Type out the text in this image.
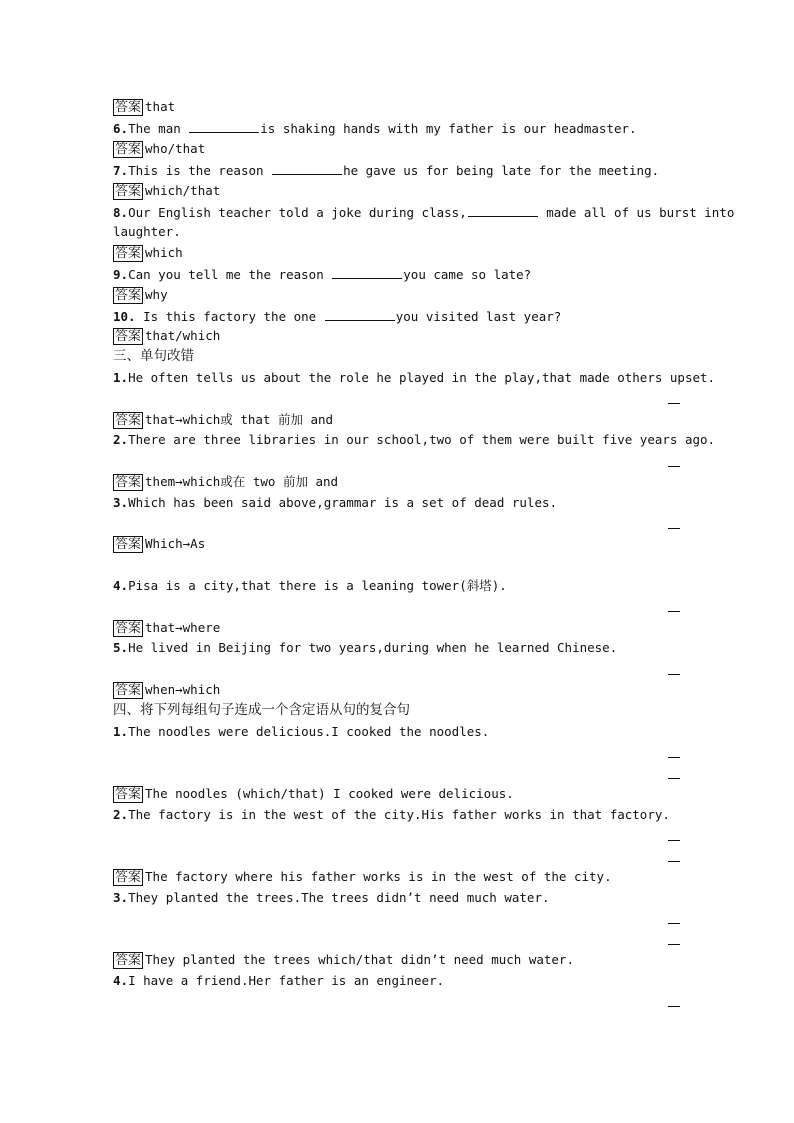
答案 that
6.The man	is shaking hands with my father is our headmaster.
答案 who/that
7.This is the reason	he gave us for being late for the meeting.
答案 which/that
8.Our English teacher told a joke during class,	made all of us burst into
laughter.
答案 which
9.Can you tell me the reason	you came so late?
答案 why
10. Is this factory the one	you visited last year?
答案 that/which
三、单句改错
1.He often tells us about the role he played in the play,that made others upset.
答案 that→which或 that 前加 and
2.There are three libraries in our school,two of them were built five years ago.
答案 them→which或在 two 前加 and
3.Which has been said above,grammar is a set of dead rules.
答案 Which→As
4.Pisa is a city,that there is a leaning tower(斜塔).
答案 that→where
5.He lived in Beijing for two years,during when he learned Chinese.
答案 when→which
四、将下列每组句子连成一个含定语从句的复合句
1.The noodles were delicious.I cooked the noodles.
答案 The noodles (which/that) I cooked were delicious.
2.The factory is in the west of the city.His father works in that factory.
答案 The factory where his father works is in the west of the city.
3.They planted the trees.The trees didn’t need much water.
答案 They planted the trees which/that didn’t need much water.
4.I have a friend.Her father is an engineer.
